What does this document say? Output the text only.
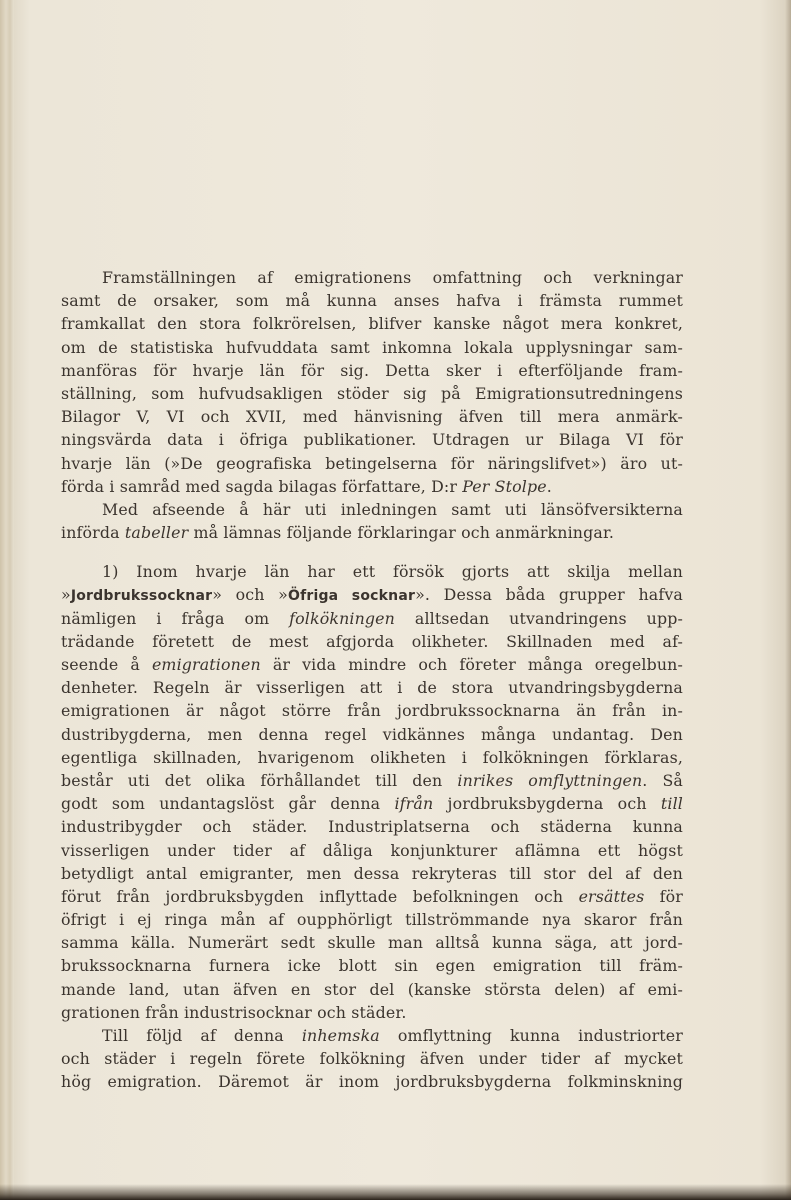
Framställningen af emigrationens omfattning och verkningar
samt de orsaker, som må kunna anses hafva i främsta rummet
framkallat den stora folkrörelsen, blifver kanske något mera konkret,
om de statistiska hufvuddata samt inkomna lokala upplysningar sam-
manföras för hvarje län för sig. Detta sker i efterföljande fram-
ställning, som hufvudsakligen stöder sig på Emigrationsutredningens
Bilagor V, VI och XVII, med hänvisning äfven till mera anmärk-
ningsvärda data i öfriga publikationer. Utdragen ur Bilaga VI för
hvarje län (»De geografiska betingelserna för näringslifvet») äro ut-
förda i samråd med sagda bilagas författare, D:r Per Stolpe.
Med afseende å här uti inledningen samt uti länsöfversikterna
införda tabeller må lämnas följande förklaringar och anmärkningar.
1) Inom hvarje län har ett försök gjorts att skilja mellan
»Jordbrukssocknar» och »Öfriga socknar». Dessa båda grupper hafva
nämligen i fråga om folkökningen alltsedan utvandringens upp-
trädande företett de mest afgjorda olikheter. Skillnaden med af-
seende å emigrationen är vida mindre och företer många oregelbun-
denheter. Regeln är visserligen att i de stora utvandringsbygderna
emigrationen är något större från jordbrukssocknarna än från in-
dustribygderna, men denna regel vidkännes många undantag. Den
egentliga skillnaden, hvarigenom olikheten i folkökningen förklaras,
består uti det olika förhållandet till den inrikes omflyttningen. Så
godt som undantagslöst går denna ifrån jordbruksbygderna och till
industribygder och städer. Industriplatserna och städerna kunna
visserligen under tider af dåliga konjunkturer aflämna ett högst
betydligt antal emigranter, men dessa rekryteras till stor del af den
förut från jordbruksbygden inflyttade befolkningen och ersättes för
öfrigt i ej ringa mån af oupphörligt tillströmmande nya skaror från
samma källa. Numerärt sedt skulle man alltså kunna säga, att jord-
brukssocknarna furnera icke blott sin egen emigration till främ-
mande land, utan äfven en stor del (kanske största delen) af emi-
grationen från industrisocknar och städer.
Till följd af denna inhemska omflyttning kunna industriorter
och städer i regeln förete folkökning äfven under tider af mycket
hög emigration. Däremot är inom jordbruksbygderna folkminskning
